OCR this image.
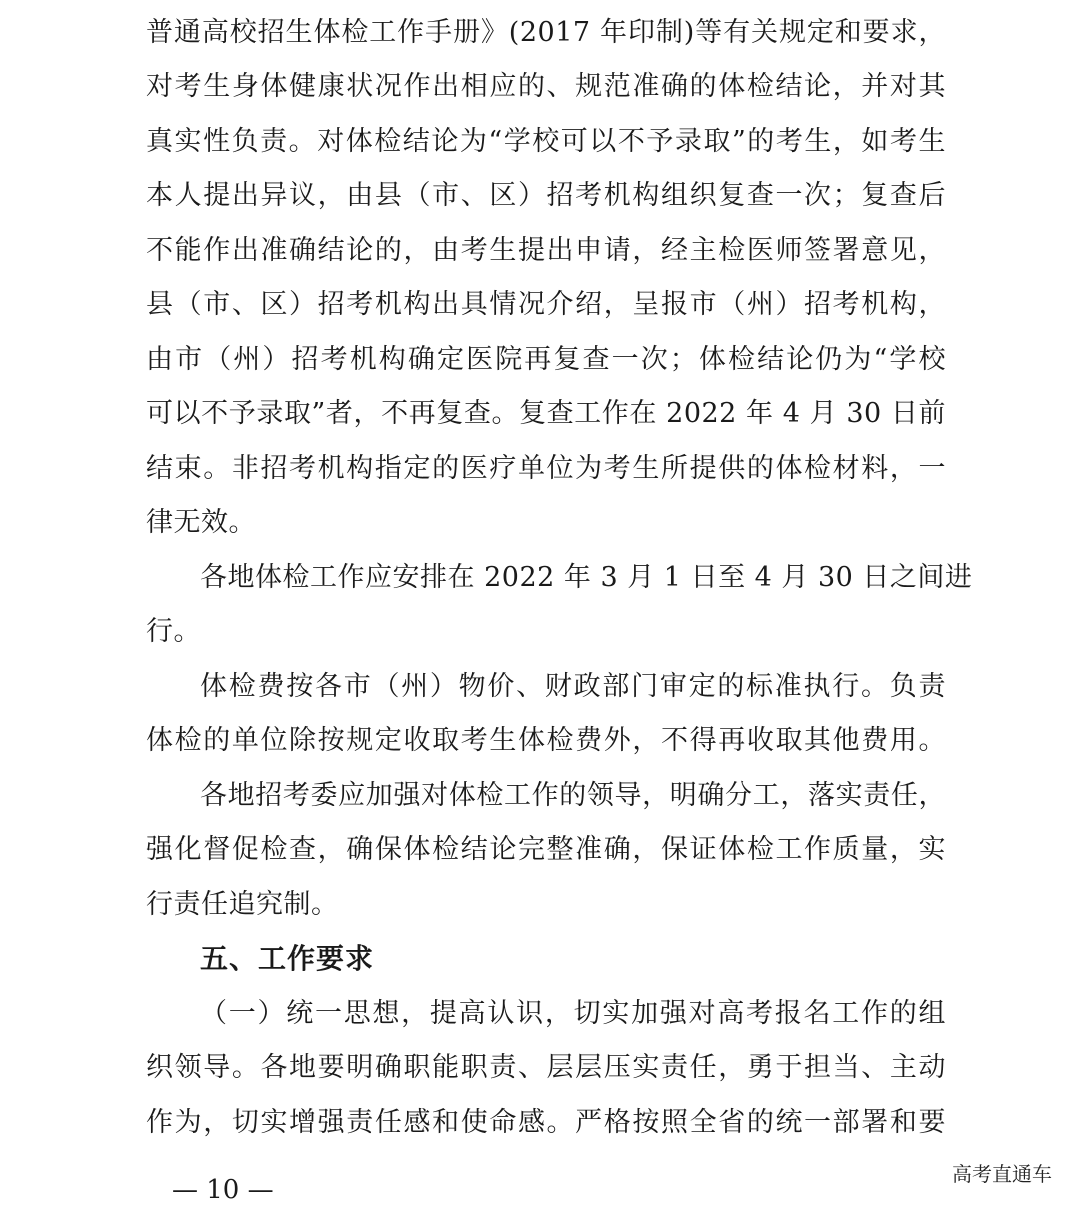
普通高校招生体检工作手册》(2017 年印制)等有关规定和要求，
对考生身体健康状况作出相应的、规范准确的体检结论，并对其
真实性负责。对体检结论为“学校可以不予录取”的考生，如考生
本人提出异议，由县（市、区）招考机构组织复查一次；复查后
不能作出准确结论的，由考生提出申请，经主检医师签署意见，
县（市、区）招考机构出具情况介绍，呈报市（州）招考机构，
由市（州）招考机构确定医院再复查一次；体检结论仍为“学校
可以不予录取”者，不再复查。复查工作在 2022 年 4 月 30 日前
结束。非招考机构指定的医疗单位为考生所提供的体检材料，一
律无效。
各地体检工作应安排在 2022 年 3 月 1 日至 4 月 30 日之间进
行。
体检费按各市（州）物价、财政部门审定的标准执行。负责
体检的单位除按规定收取考生体检费外，不得再收取其他费用。
各地招考委应加强对体检工作的领导，明确分工，落实责任，
强化督促检查，确保体检结论完整准确，保证体检工作质量，实
行责任追究制。
五、工作要求
（一）统一思想，提高认识，切实加强对高考报名工作的组
织领导。各地要明确职能职责、层层压实责任，勇于担当、主动
作为，切实增强责任感和使命感。严格按照全省的统一部署和要
— 10 —
高考直通车
